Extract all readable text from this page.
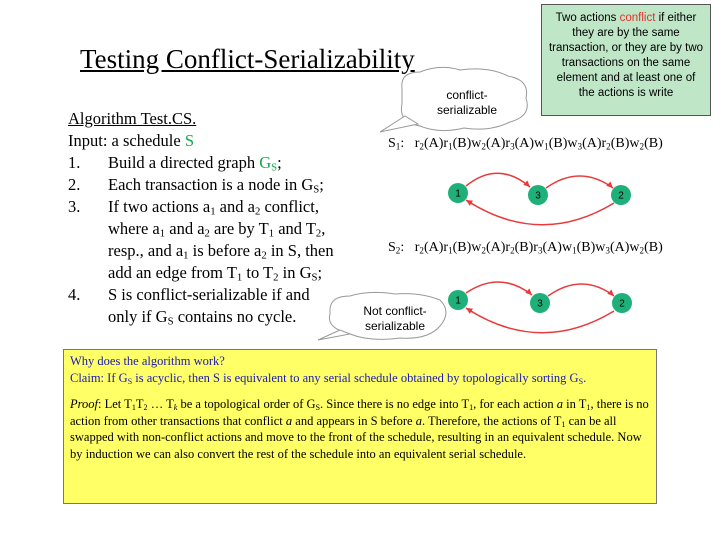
Testing Conflict-Serializability
Algorithm Test.CS.
Input: a schedule S
1.	Build a directed graph $G_S$;
2.	Each transaction is a node in $G_S$;
3.	If two actions $a_1$ and $a_2$ conflict,
where $a_1$ and $a_2$ are by $T_1$ and $T_2$,
resp., and $a_1$ is before $a_2$ in S, then
add an edge from $T_1$ to $T_2$ in $G_S$;
4.	S is conflict-serializable if and
only if $G_S$ contains no cycle.
Two actions conflict if either they are by the same transaction, or they are by two transactions on the same element and at least one of the actions is write
1	3	2
1	3	2
conflict-
serializable
Not conflict-
serializable
$S_1$:  $r_2(A)r_1(B)w_2(A)r_3(A)w_1(B)w_3(A)r_2(B)w_2(B)$
$S_2$:  $r_2(A)r_1(B)w_2(A)r_2(B)r_3(A)w_1(B)w_3(A)w_2(B)$

Why does the algorithm work?

Claim: If $G_S$ is acyclic, then S is equivalent to any serial schedule obtained by topologically sorting $G_S$.

Proof: Let $T_1T_2$ … $T_k$ be a topological order of $G_S$. Since there is no edge into $T_1$, for each action a in $T_1$, there is no action from other transactions that conflict a and appears in S before a. Therefore, the actions of $T_1$ can be all swapped with non-conflict actions and move to the front of the schedule, resulting in an equivalent schedule. Now by induction we can also convert the rest of the schedule into an equivalent serial schedule.
